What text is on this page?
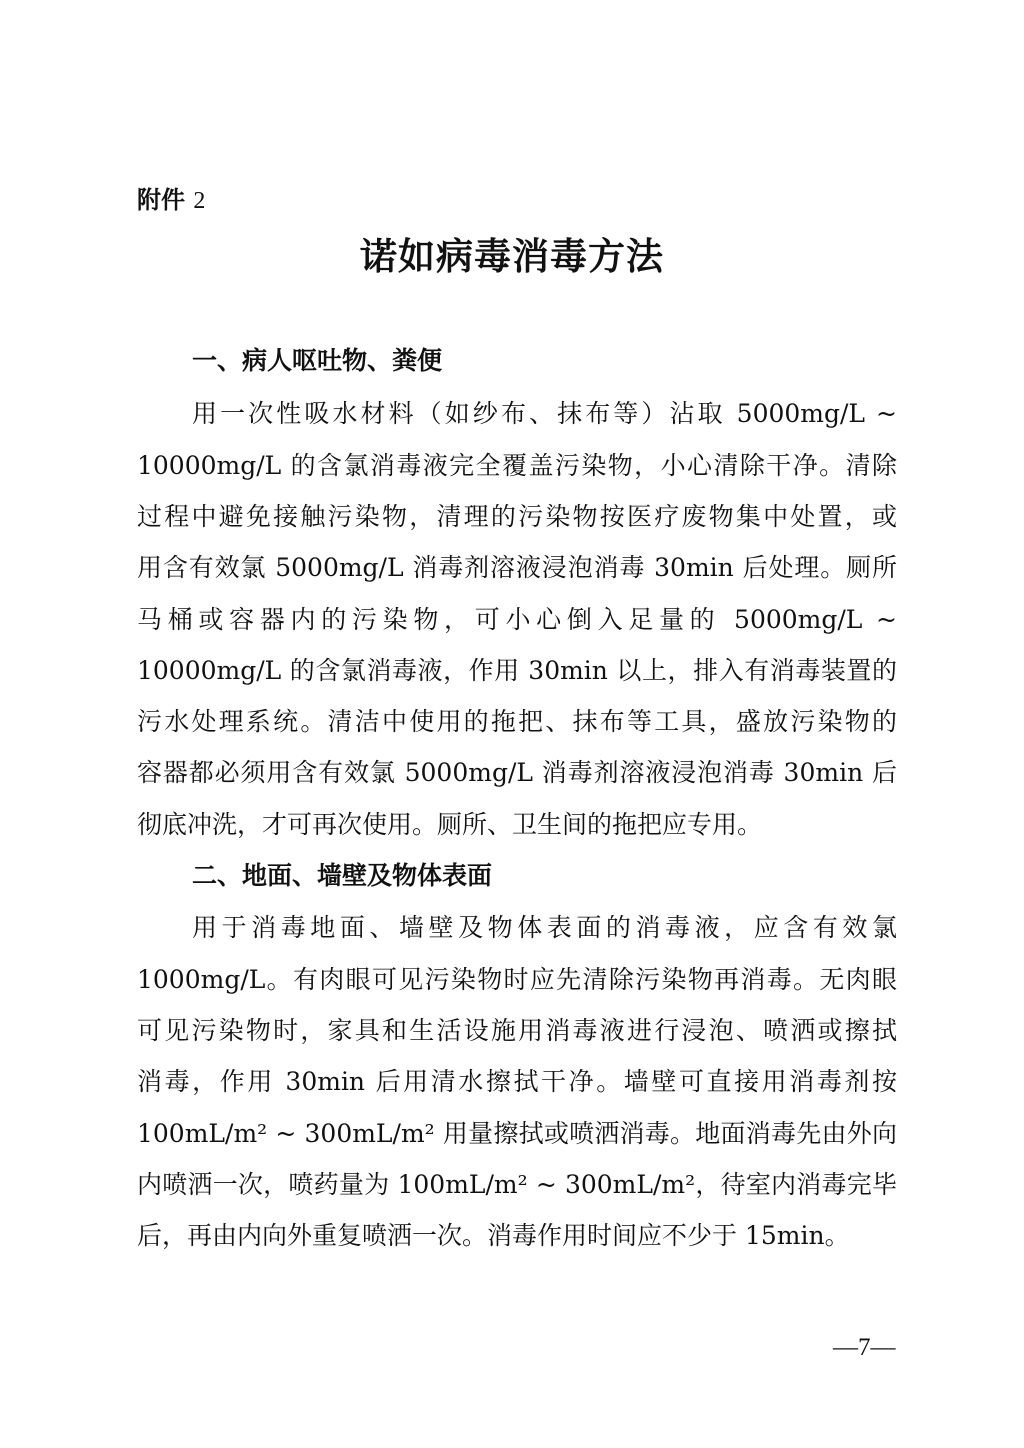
附件 2
诺如病毒消毒方法
一、病人呕吐物、粪便
用一次性吸水材料（如纱布、抹布等）沾取 5000mg/L ~
10000mg/L 的含氯消毒液完全覆盖污染物，小心清除干净。清除
过程中避免接触污染物，清理的污染物按医疗废物集中处置，或
用含有效氯 5000mg/L 消毒剂溶液浸泡消毒 30min 后处理。厕所
马桶或容器内的污染物，可小心倒入足量的 5000mg/L ~
10000mg/L 的含氯消毒液，作用 30min 以上，排入有消毒装置的
污水处理系统。清洁中使用的拖把、抹布等工具，盛放污染物的
容器都必须用含有效氯 5000mg/L 消毒剂溶液浸泡消毒 30min 后
彻底冲洗，才可再次使用。厕所、卫生间的拖把应专用。
二、地面、墙壁及物体表面
用于消毒地面、墙壁及物体表面的消毒液，应含有效氯
1000mg/L。有肉眼可见污染物时应先清除污染物再消毒。无肉眼
可见污染物时，家具和生活设施用消毒液进行浸泡、喷洒或擦拭
消毒，作用 30min 后用清水擦拭干净。墙壁可直接用消毒剂按
100mL/m² ~ 300mL/m² 用量擦拭或喷洒消毒。地面消毒先由外向
内喷洒一次，喷药量为 100mL/m² ~ 300mL/m²，待室内消毒完毕
后，再由内向外重复喷洒一次。消毒作用时间应不少于 15min。
—7—
